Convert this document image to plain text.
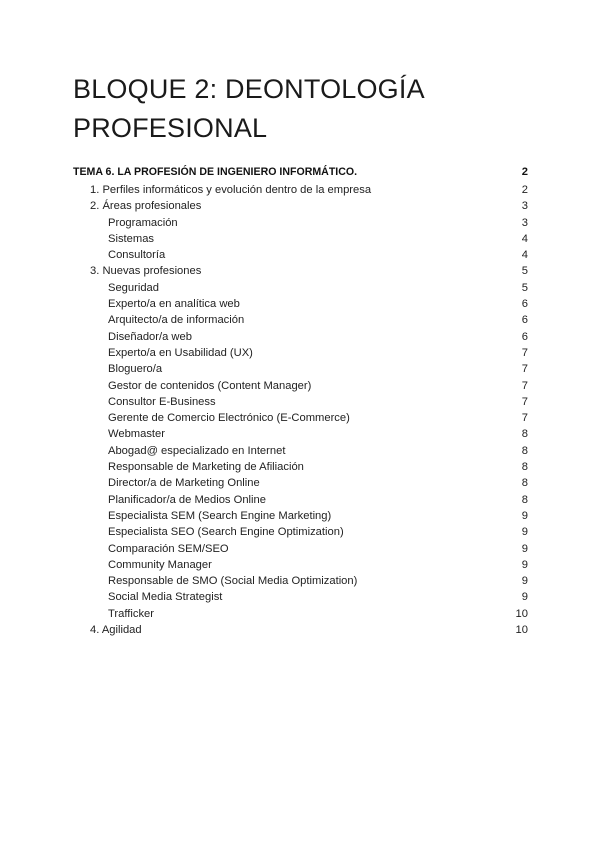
BLOQUE 2: DEONTOLOGÍA
PROFESIONAL
TEMA 6. LA PROFESIÓN DE INGENIERO INFORMÁTICO.	2
1. Perfiles informáticos y evolución dentro de la empresa	2
2. Áreas profesionales	3
Programación	3
Sistemas	4
Consultoría	4
3. Nuevas profesiones	5
Seguridad	5
Experto/a en analítica web	6
Arquitecto/a de información	6
Diseñador/a web	6
Experto/a en Usabilidad (UX)	7
Bloguero/a	7
Gestor de contenidos (Content Manager)	7
Consultor E-Business	7
Gerente de Comercio Electrónico (E-Commerce)	7
Webmaster	8
Abogad@ especializado en Internet	8
Responsable de Marketing de Afiliación	8
Director/a de Marketing Online	8
Planificador/a de Medios Online	8
Especialista SEM (Search Engine Marketing)	9
Especialista SEO (Search Engine Optimization)	9
Comparación SEM/SEO	9
Community Manager	9
Responsable de SMO (Social Media Optimization)	9
Social Media Strategist	9
Trafficker	10
4. Agilidad	10
